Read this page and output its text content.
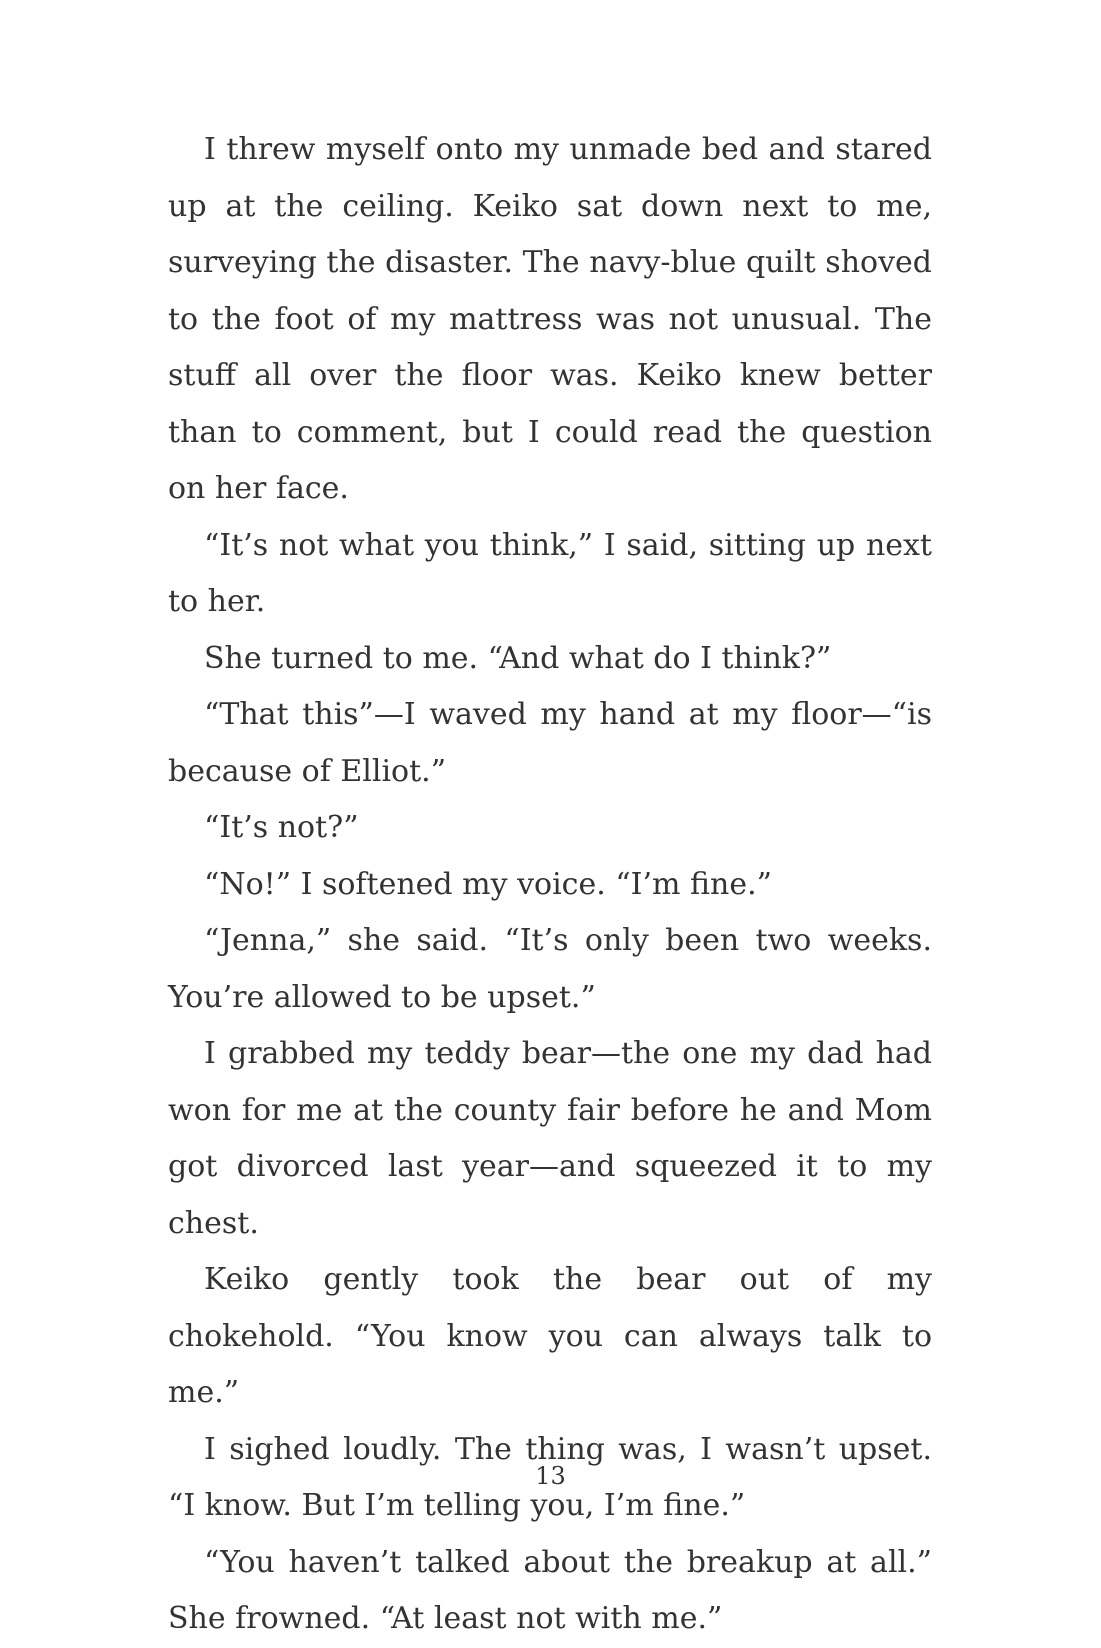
I threw myself onto my unmade bed and stared up at the ceiling. Keiko sat down next to me, surveying the disaster. The navy-blue quilt shoved to the foot of my mattress was not unusual. The stuff all over the floor was. Keiko knew better than to comment, but I could read the question on her face.

“It’s not what you think,” I said, sitting up next to her.

She turned to me. “And what do I think?”

“That this”—I waved my hand at my floor—“is because of Elliot.”

“It’s not?”

“No!” I softened my voice. “I’m fine.”

“Jenna,” she said. “It’s only been two weeks. You’re allowed to be upset.”

I grabbed my teddy bear—the one my dad had won for me at the county fair before he and Mom got divorced last year—and squeezed it to my chest.

Keiko gently took the bear out of my chokehold. “You know you can always talk to me.”

I sighed loudly. The thing was, I wasn’t upset. “I know. But I’m telling you, I’m fine.”

“You haven’t talked about the breakup at all.” She frowned. “At least not with me.”

13
